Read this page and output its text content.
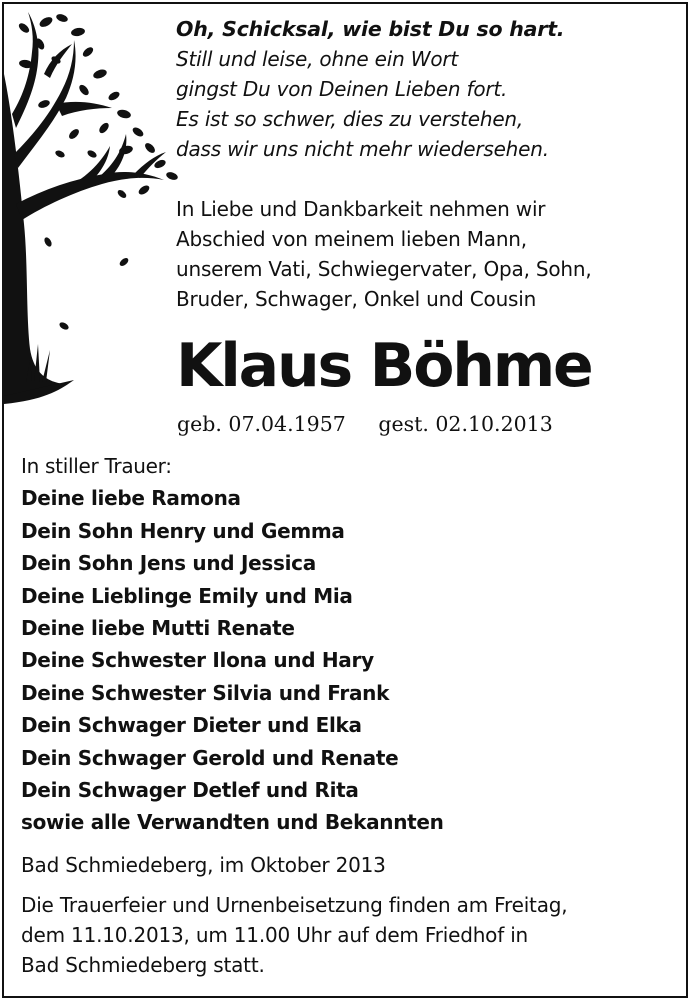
Oh, Schicksal, wie bist Du so hart.
Still und leise, ohne ein Wort
gingst Du von Deinen Lieben fort.
Es ist so schwer, dies zu verstehen,
dass wir uns nicht mehr wiedersehen.
In Liebe und Dankbarkeit nehmen wir
Abschied von meinem lieben Mann,
unserem Vati, Schwiegervater, Opa, Sohn,
Bruder, Schwager, Onkel und Cousin
Klaus Böhme
geb. 07.04.1957 gest. 02.10.2013
In stiller Trauer:
Deine liebe Ramona
Dein Sohn Henry und Gemma
Dein Sohn Jens und Jessica
Deine Lieblinge Emily und Mia
Deine liebe Mutti Renate
Deine Schwester Ilona und Hary
Deine Schwester Silvia und Frank
Dein Schwager Dieter und Elka
Dein Schwager Gerold und Renate
Dein Schwager Detlef und Rita
sowie alle Verwandten und Bekannten
Bad Schmiedeberg, im Oktober 2013
Die Trauerfeier und Urnenbeisetzung finden am Freitag,
dem 11.10.2013, um 11.00 Uhr auf dem Friedhof in
Bad Schmiedeberg statt.
